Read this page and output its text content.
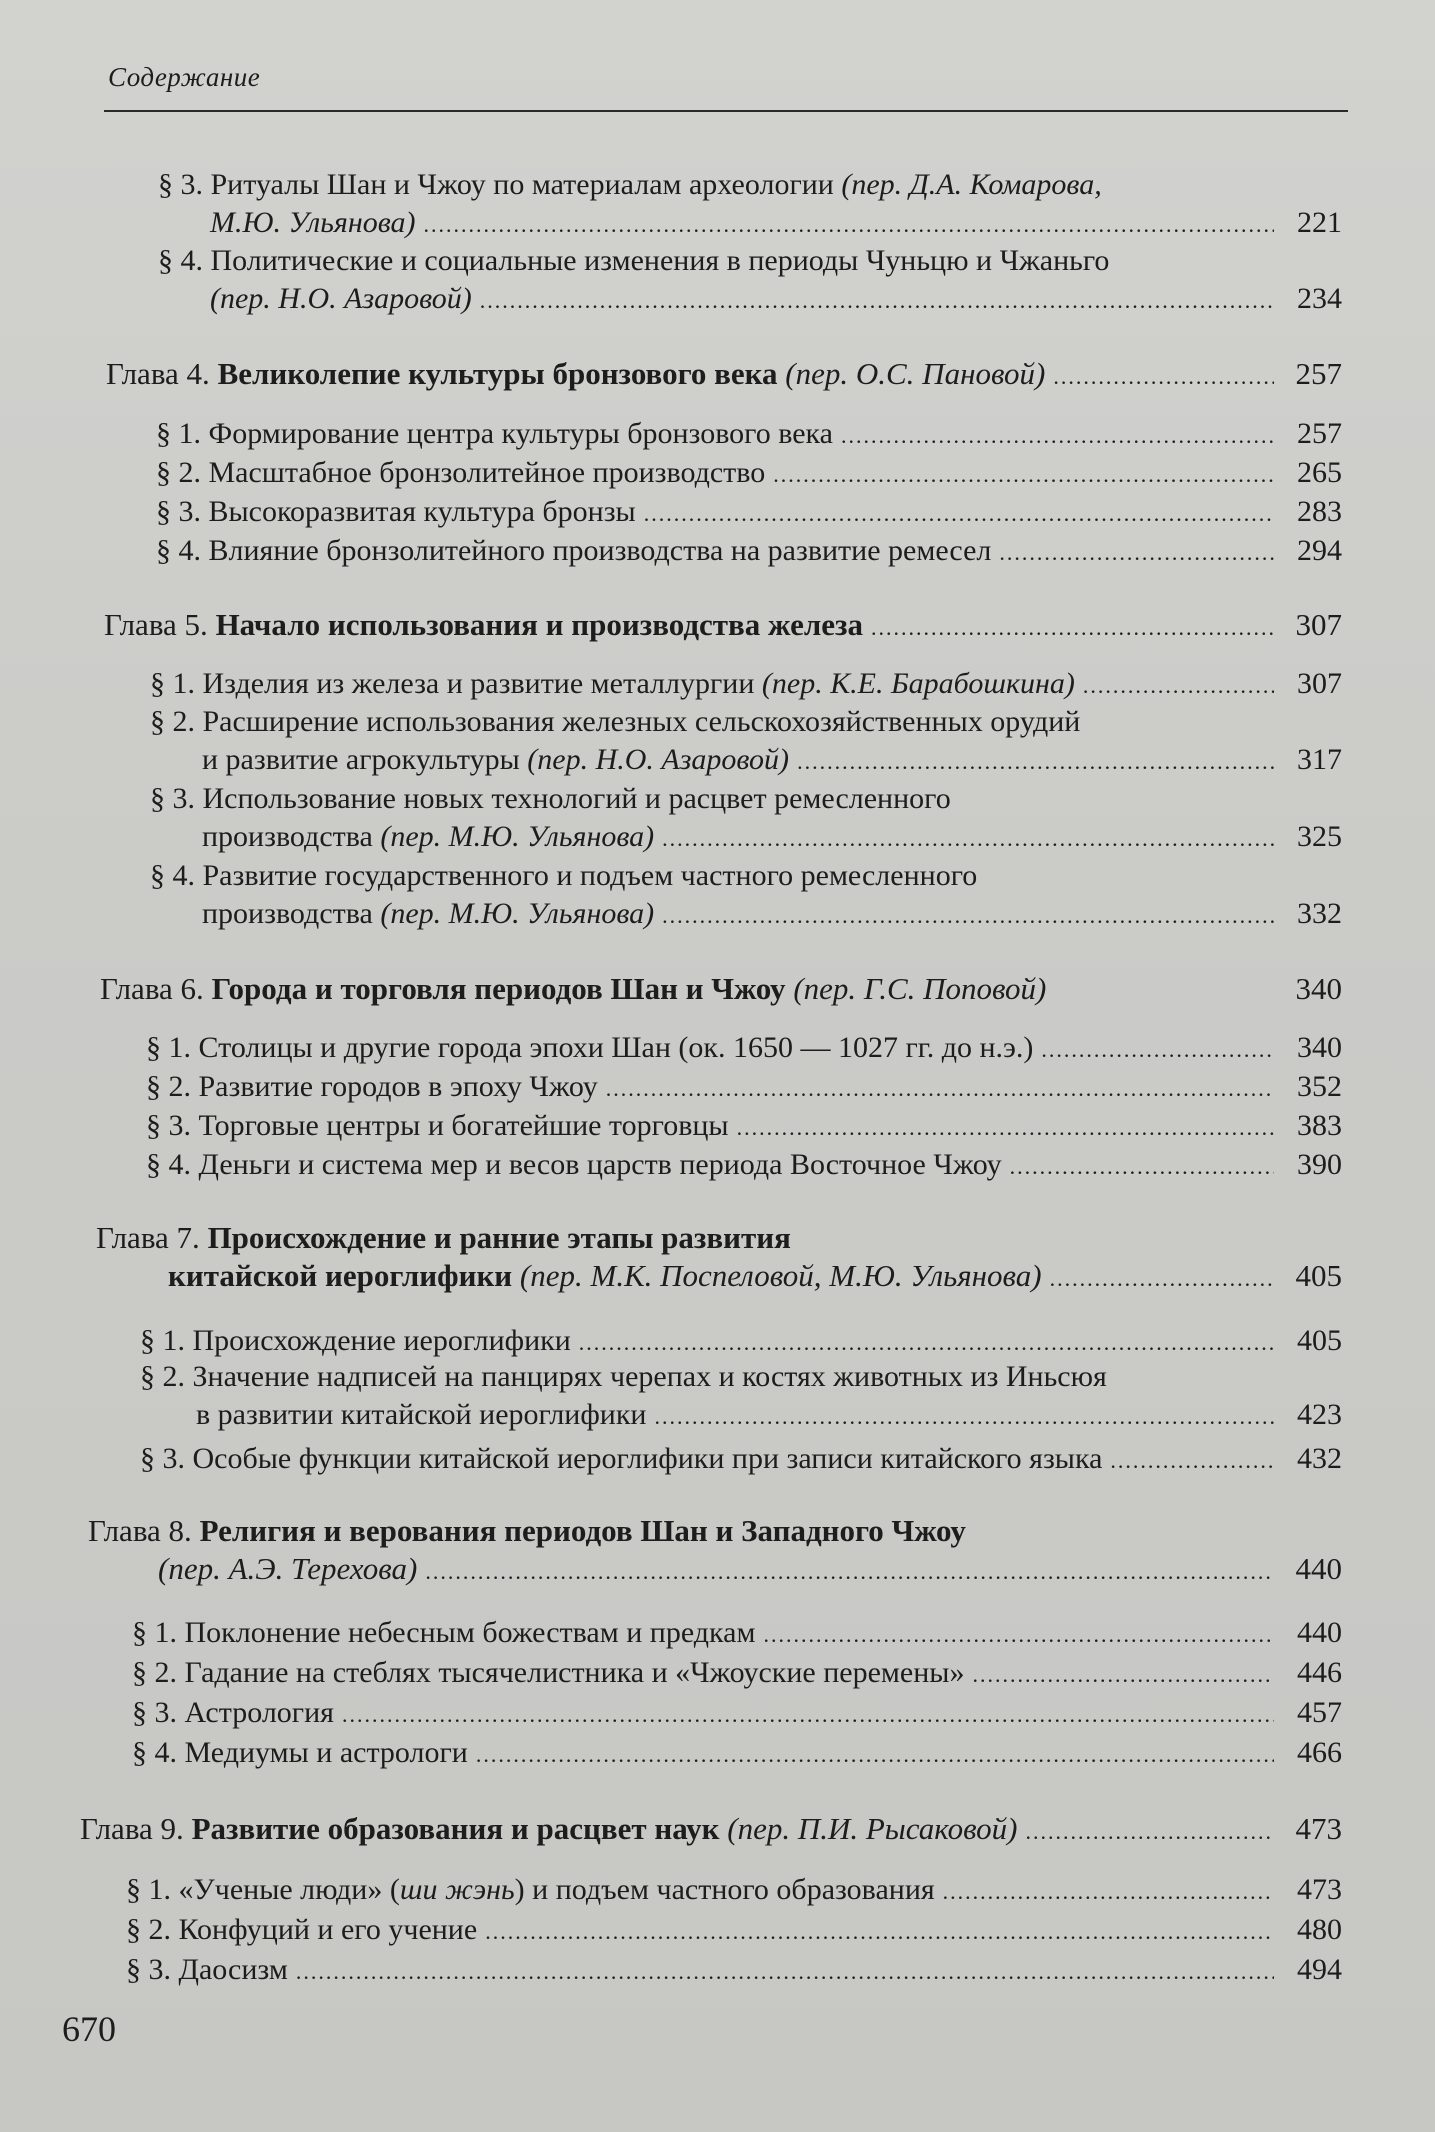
Содержание
§ 3. Ритуалы Шан и Чжоу по материалам археологии (пер. Д.А. Комарова,
М.Ю. Ульянова) .....	221
§ 4. Политические и социальные изменения в периоды Чуньцю и Чжаньго
(пер. Н.О. Азаровой) .....	234
Глава 4. Великолепие культуры бронзового века (пер. О.С. Пановой) .....	257
§ 1. Формирование центра культуры бронзового века .....	257
§ 2. Масштабное бронзолитейное производство .....	265
§ 3. Высокоразвитая культура бронзы .....	283
§ 4. Влияние бронзолитейного производства на развитие ремесел .....	294
Глава 5. Начало использования и производства железа .....	307
§ 1. Изделия из железа и развитие металлургии (пер. К.Е. Барабошкина) .....	307
§ 2. Расширение использования железных сельскохозяйственных орудий
и развитие агрокультуры (пер. Н.О. Азаровой) .....	317
§ 3. Использование новых технологий и расцвет ремесленного
производства (пер. М.Ю. Ульянова) .....	325
§ 4. Развитие государственного и подъем частного ремесленного
производства (пер. М.Ю. Ульянова) .....	332
Глава 6. Города и торговля периодов Шан и Чжоу (пер. Г.С. Поповой)	340
§ 1. Столицы и другие города эпохи Шан (ок. 1650 — 1027 гг. до н.э.) .....	340
§ 2. Развитие городов в эпоху Чжоу .....	352
§ 3. Торговые центры и богатейшие торговцы .....	383
§ 4. Деньги и система мер и весов царств периода Восточное Чжоу .....	390
Глава 7. Происхождение и ранние этапы развития
китайской иероглифики (пер. М.К. Поспеловой, М.Ю. Ульянова) .....	405
§ 1. Происхождение иероглифики .....	405
§ 2. Значение надписей на панцирях черепах и костях животных из Иньсюя
в развитии китайской иероглифики .....	423
§ 3. Особые функции китайской иероглифики при записи китайского языка .....	432
Глава 8. Религия и верования периодов Шан и Западного Чжоу
(пер. А.Э. Терехова) .....	440
§ 1. Поклонение небесным божествам и предкам .....	440
§ 2. Гадание на стеблях тысячелистника и «Чжоуские перемены» .....	446
§ 3. Астрология .....	457
§ 4. Медиумы и астрологи .....	466
Глава 9. Развитие образования и расцвет наук (пер. П.И. Рысаковой) .....	473
§ 1. «Ученые люди» (ши жэнь) и подъем частного образования .....	473
§ 2. Конфуций и его учение .....	480
§ 3. Даосизм .....	494
670
